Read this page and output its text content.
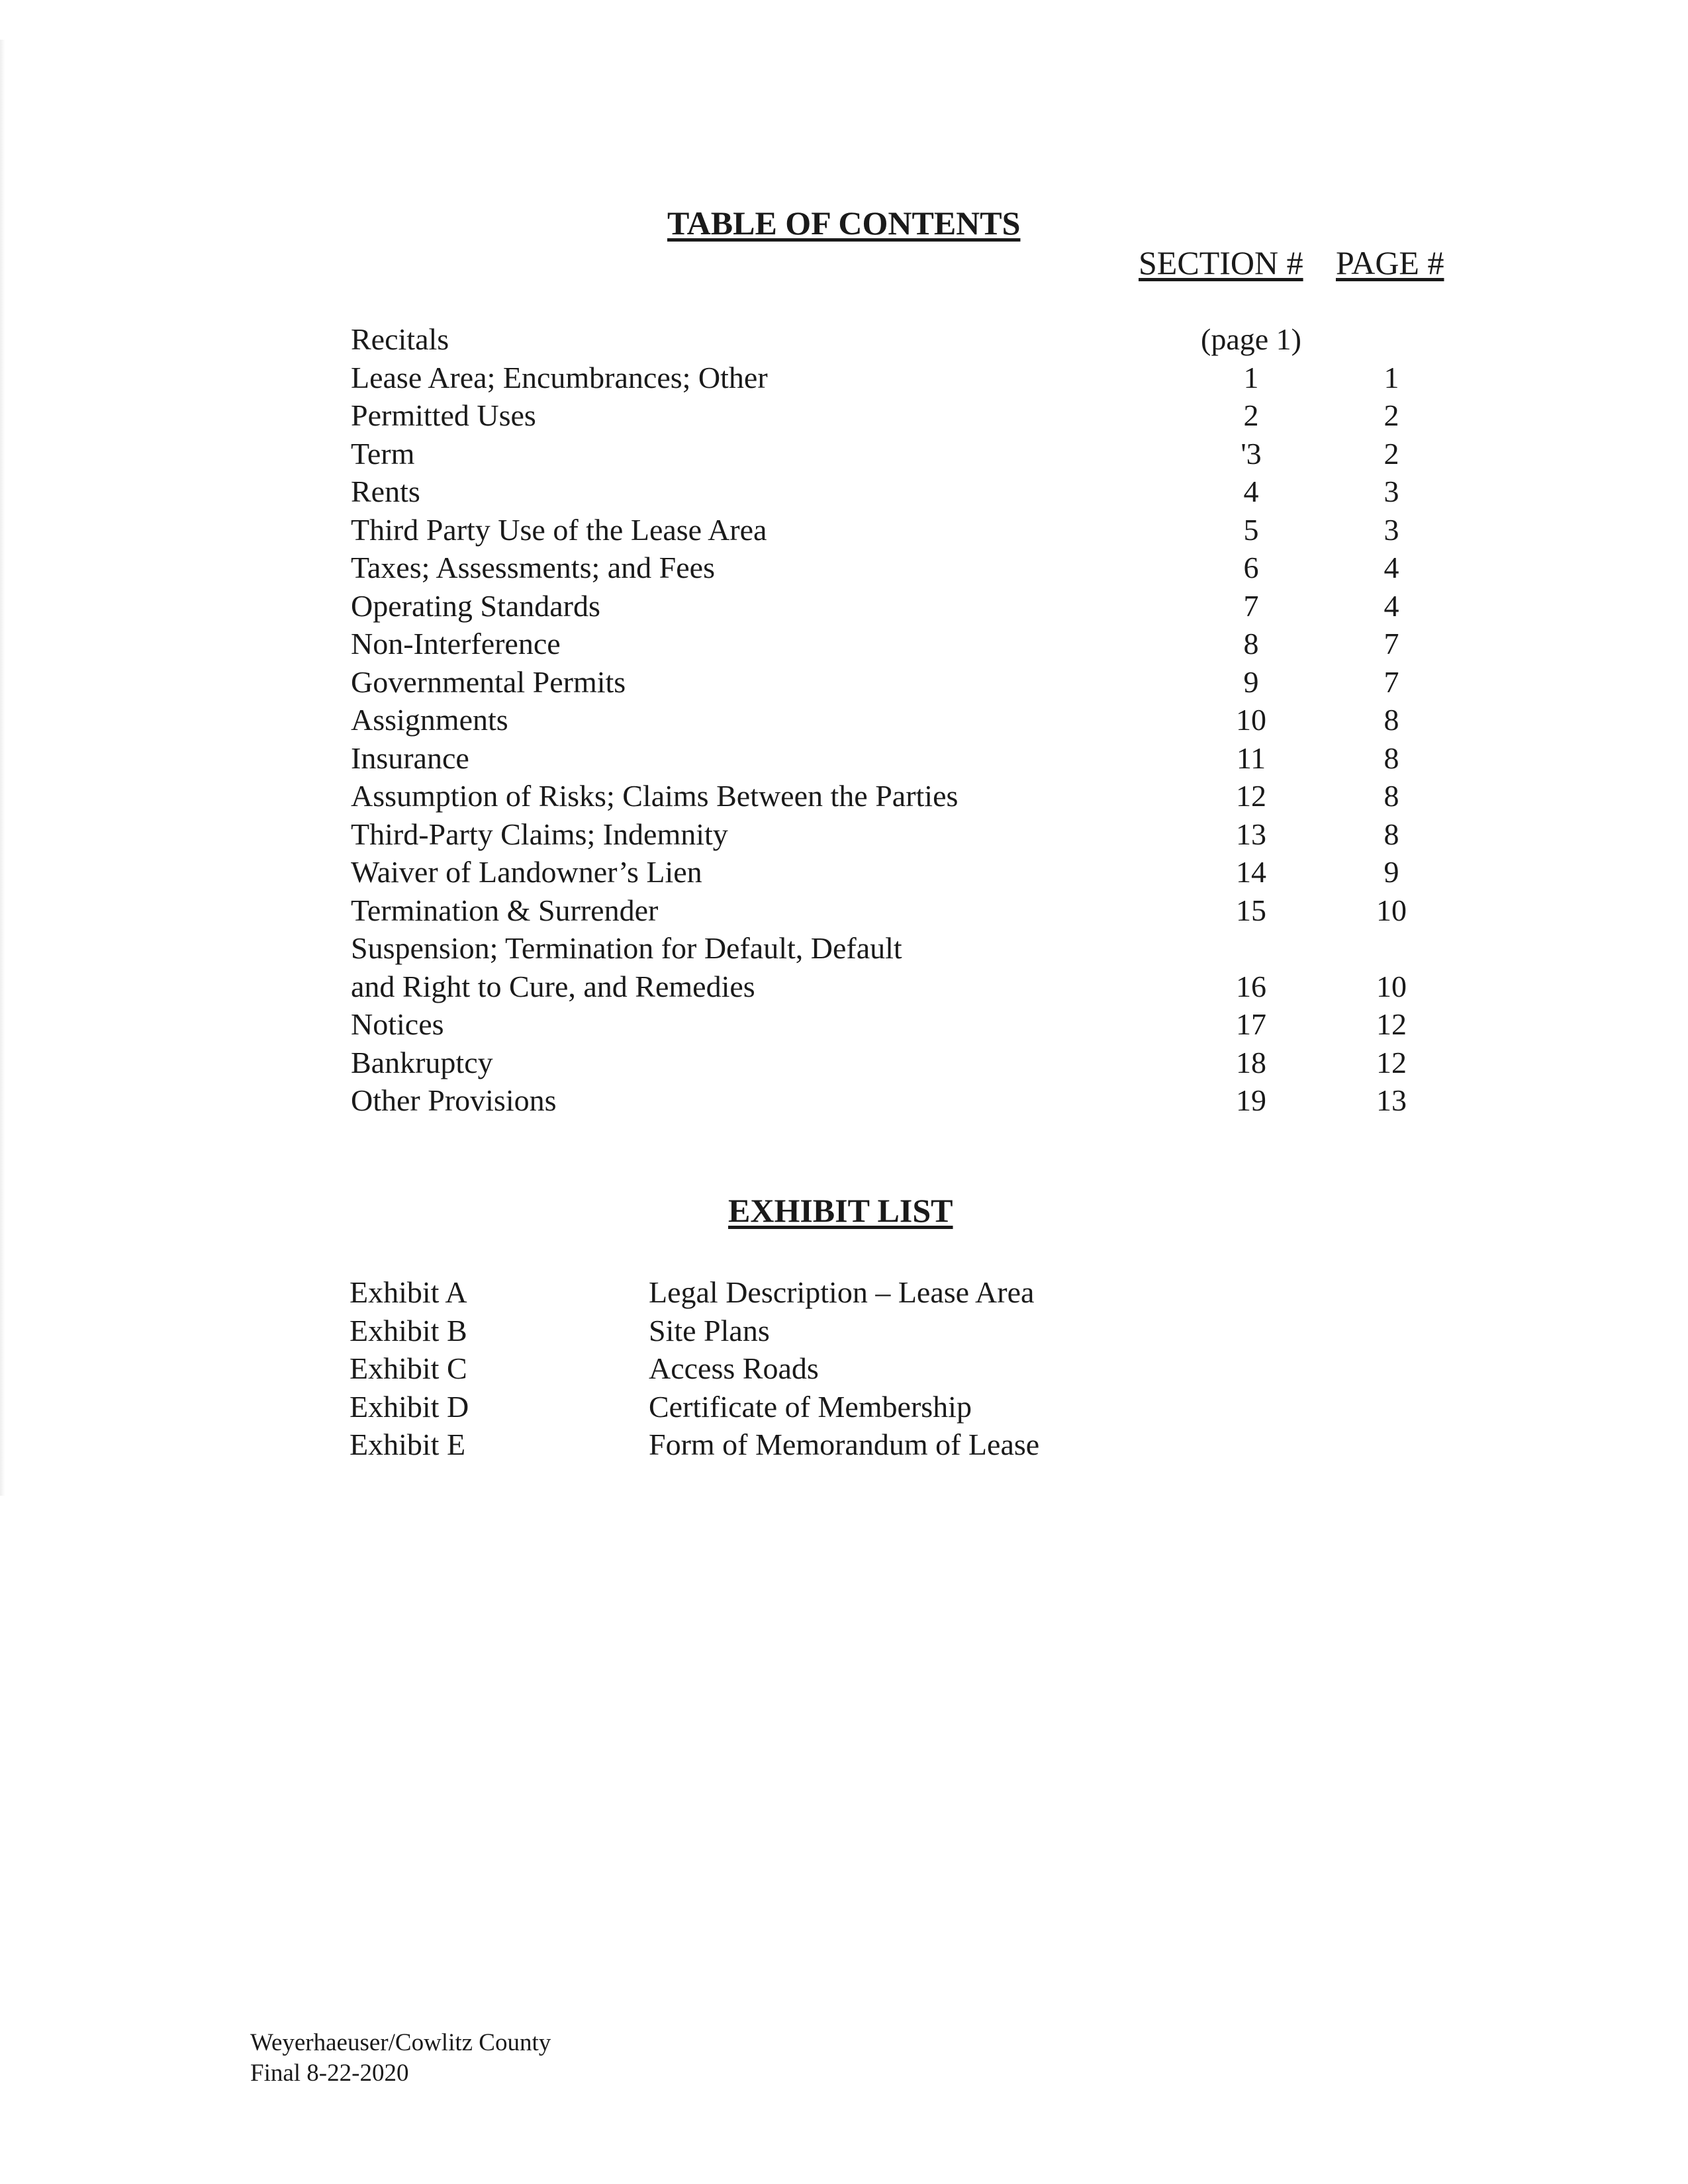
TABLE OF CONTENTS
SECTION # PAGE #
Recitals	(page 1)
Lease Area; Encumbrances; Other	1	1
Permitted Uses	2	2
Term	'3	2
Rents	4	3
Third Party Use of the Lease Area	5	3
Taxes; Assessments; and Fees	6	4
Operating Standards	7	4
Non-Interference	8	7
Governmental Permits	9	7
Assignments	10	8
Insurance	11	8
Assumption of Risks; Claims Between the Parties	12	8
Third-Party Claims; Indemnity	13	8
Waiver of Landowner’s Lien	14	9
Termination & Surrender	15	10
Suspension; Termination for Default, Default
and Right to Cure, and Remedies	16	10
Notices	17	12
Bankruptcy	18	12
Other Provisions	19	13
EXHIBIT LIST
Exhibit A	Legal Description – Lease Area
Exhibit B	Site Plans
Exhibit C	Access Roads
Exhibit D	Certificate of Membership
Exhibit E	Form of Memorandum of Lease
Weyerhaeuser/Cowlitz County
Final 8-22-2020
